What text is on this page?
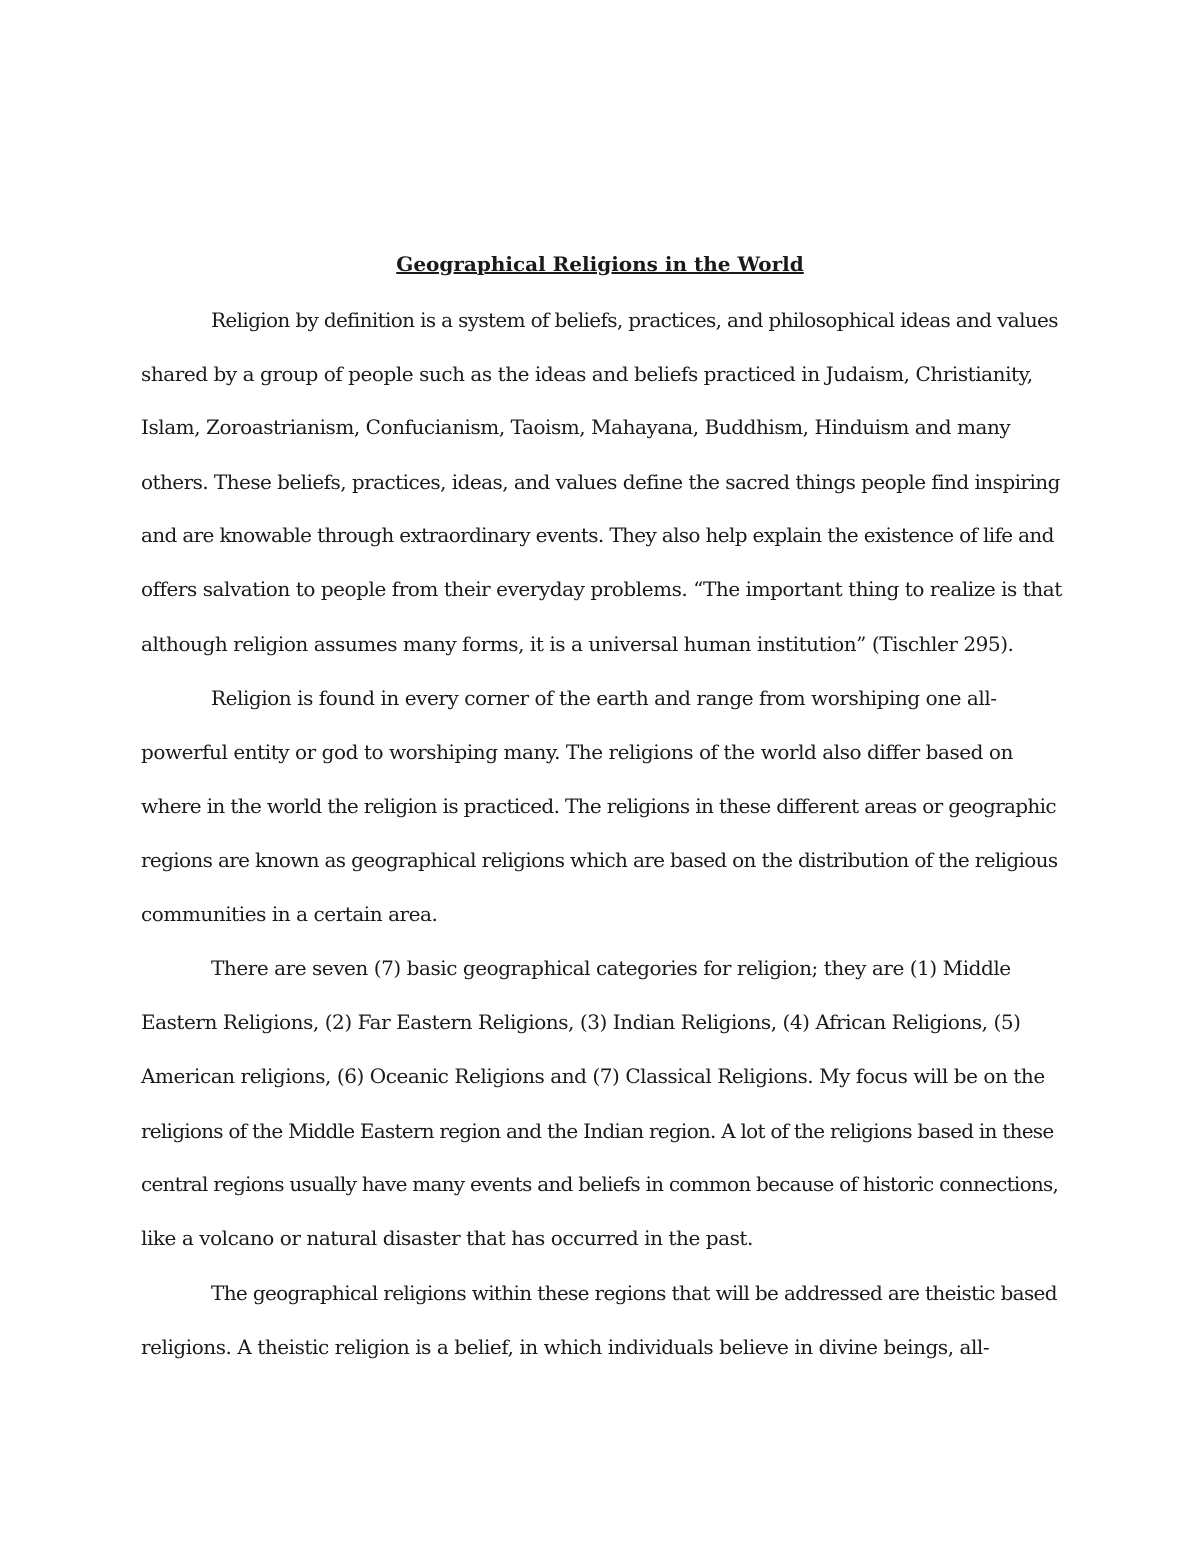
Geographical Religions in the World
Religion by definition is a system of beliefs, practices, and philosophical ideas and values
shared by a group of people such as the ideas and beliefs practiced in Judaism, Christianity,
Islam, Zoroastrianism, Confucianism, Taoism, Mahayana, Buddhism, Hinduism and many
others. These beliefs, practices, ideas, and values define the sacred things people find inspiring
and are knowable through extraordinary events. They also help explain the existence of life and
offers salvation to people from their everyday problems. “The important thing to realize is that
although religion assumes many forms, it is a universal human institution” (Tischler 295).
Religion is found in every corner of the earth and range from worshiping one all-
powerful entity or god to worshiping many. The religions of the world also differ based on
where in the world the religion is practiced. The religions in these different areas or geographic
regions are known as geographical religions which are based on the distribution of the religious
communities in a certain area.
There are seven (7) basic geographical categories for religion; they are (1) Middle
Eastern Religions, (2) Far Eastern Religions, (3) Indian Religions, (4) African Religions, (5)
American religions, (6) Oceanic Religions and (7) Classical Religions. My focus will be on the
religions of the Middle Eastern region and the Indian region. A lot of the religions based in these
central regions usually have many events and beliefs in common because of historic connections,
like a volcano or natural disaster that has occurred in the past.
The geographical religions within these regions that will be addressed are theistic based
religions. A theistic religion is a belief, in which individuals believe in divine beings, all-
